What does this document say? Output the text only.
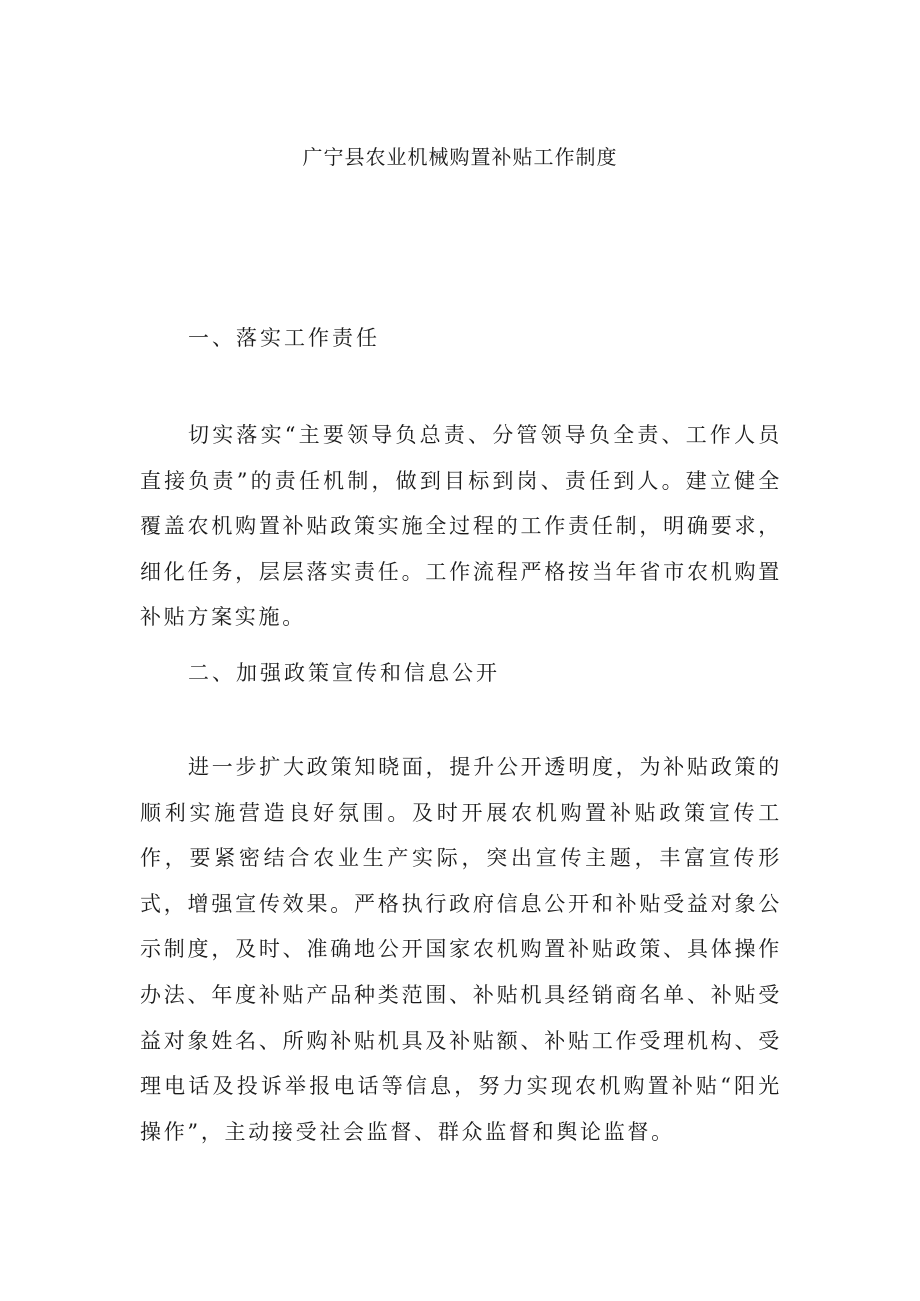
广宁县农业机械购置补贴工作制度
一、落实工作责任

切实落实“主要领导负总责、分管领导负全责、工作人员直接负责”的责任机制，做到目标到岗、责任到人。建立健全覆盖农机购置补贴政策实施全过程的工作责任制，明确要求，细化任务，层层落实责任。工作流程严格按当年省市农机购置补贴方案实施。

二、加强政策宣传和信息公开

进一步扩大政策知晓面，提升公开透明度，为补贴政策的顺利实施营造良好氛围。及时开展农机购置补贴政策宣传工作，要紧密结合农业生产实际，突出宣传主题，丰富宣传形式，增强宣传效果。严格执行政府信息公开和补贴受益对象公示制度，及时、准确地公开国家农机购置补贴政策、具体操作办法、年度补贴产品种类范围、补贴机具经销商名单、补贴受益对象姓名、所购补贴机具及补贴额、补贴工作受理机构、受理电话及投诉举报电话等信息，努力实现农机购置补贴“阳光操作”，主动接受社会监督、群众监督和舆论监督。
